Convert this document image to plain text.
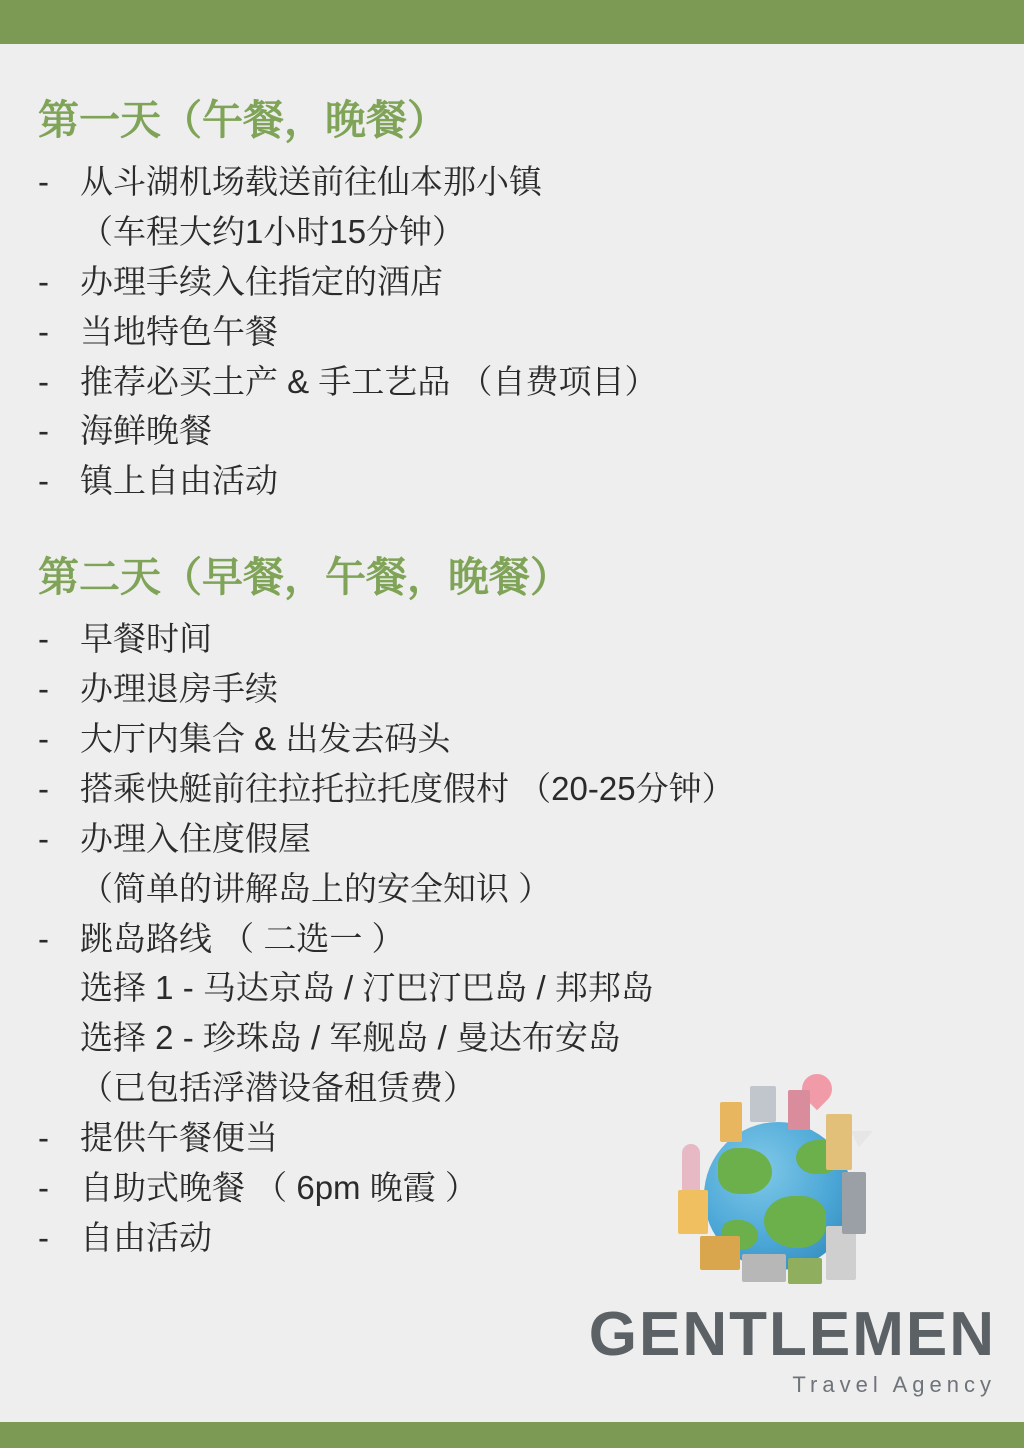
第一天（午餐，晚餐）
- 从斗湖机场载送前往仙本那小镇
（车程大约1小时15分钟）
- 办理手续入住指定的酒店
- 当地特色午餐
- 推荐必买土产 & 手工艺品 （自费项目）
- 海鲜晚餐
- 镇上自由活动
第二天（早餐，午餐，晚餐）
- 早餐时间
- 办理退房手续
- 大厅内集合 & 出发去码头
- 搭乘快艇前往拉托拉托度假村 （20-25分钟）
- 办理入住度假屋
（简单的讲解岛上的安全知识 ）
- 跳岛路线 （ 二选一 ）
选择 1 - 马达京岛 / 汀巴汀巴岛 / 邦邦岛
选择 2 - 珍珠岛 / 军舰岛 / 曼达布安岛
（已包括浮潜设备租赁费）
- 提供午餐便当
- 自助式晚餐 （ 6pm 晚霞 ）
- 自由活动

GENTLEMEN

Travel Agency
